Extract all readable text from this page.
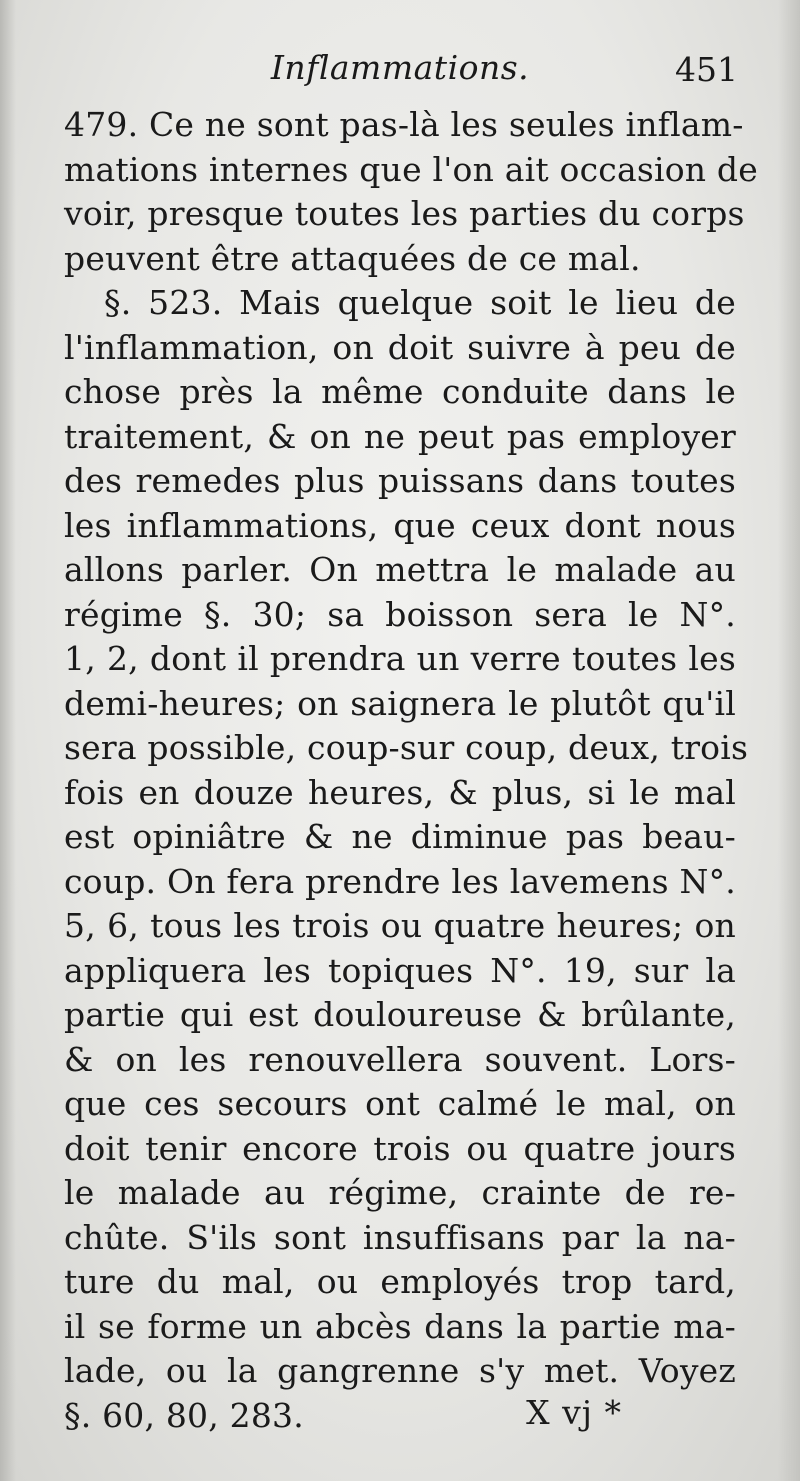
Inflammations.	451
479. Ce ne sont pas-là les seules inflam-
mations internes que l'on ait occasion de
voir, presque toutes les parties du corps
peuvent être attaquées de ce mal.
§. 523. Mais quelque soit le lieu de
l'inflammation, on doit suivre à peu de
chose près la même conduite dans le
traitement, & on ne peut pas employer
des remedes plus puissans dans toutes
les inflammations, que ceux dont nous
allons parler. On mettra le malade au
régime §. 30; sa boisson sera le N°.
1, 2, dont il prendra un verre toutes les
demi-heures; on saignera le plutôt qu'il
sera possible, coup-sur coup, deux, trois
fois en douze heures, & plus, si le mal
est opiniâtre & ne diminue pas beau-
coup. On fera prendre les lavemens N°.
5, 6, tous les trois ou quatre heures; on
appliquera les topiques N°. 19, sur la
partie qui est douloureuse & brûlante,
& on les renouvellera souvent. Lors-
que ces secours ont calmé le mal, on
doit tenir encore trois ou quatre jours
le malade au régime, crainte de re-
chûte. S'ils sont insuffisans par la na-
ture du mal, ou employés trop tard,
il se forme un abcès dans la partie ma-
lade, ou la gangrenne s'y met. Voyez
§. 60, 80, 283.	X vj *
